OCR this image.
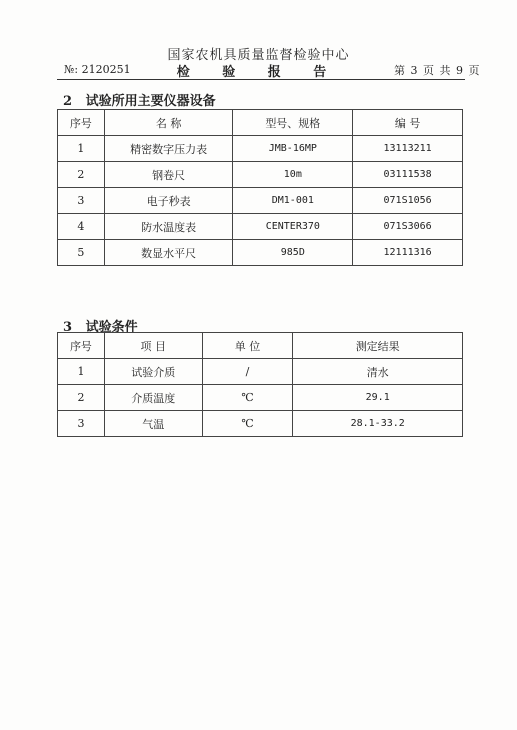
国家农机具质量监督检验中心
№: 2120251	检 验 报 告	第 3 页 共 9 页
2 试验所用主要仪器设备
序号	名 称	型号、规格	编 号
1	精密数字压力表	JMB-16MP	13113211
2	钢卷尺	10m	03111538
3	电子秒表	DM1-001	071S1056
4	防水温度表	CENTER370	071S3066
5	数显水平尺	985D	12111316
3 试验条件
序号	项 目	单 位	测定结果
1	试验介质	/	清水
2	介质温度	℃	29.1
3	气温	℃	28.1-33.2
